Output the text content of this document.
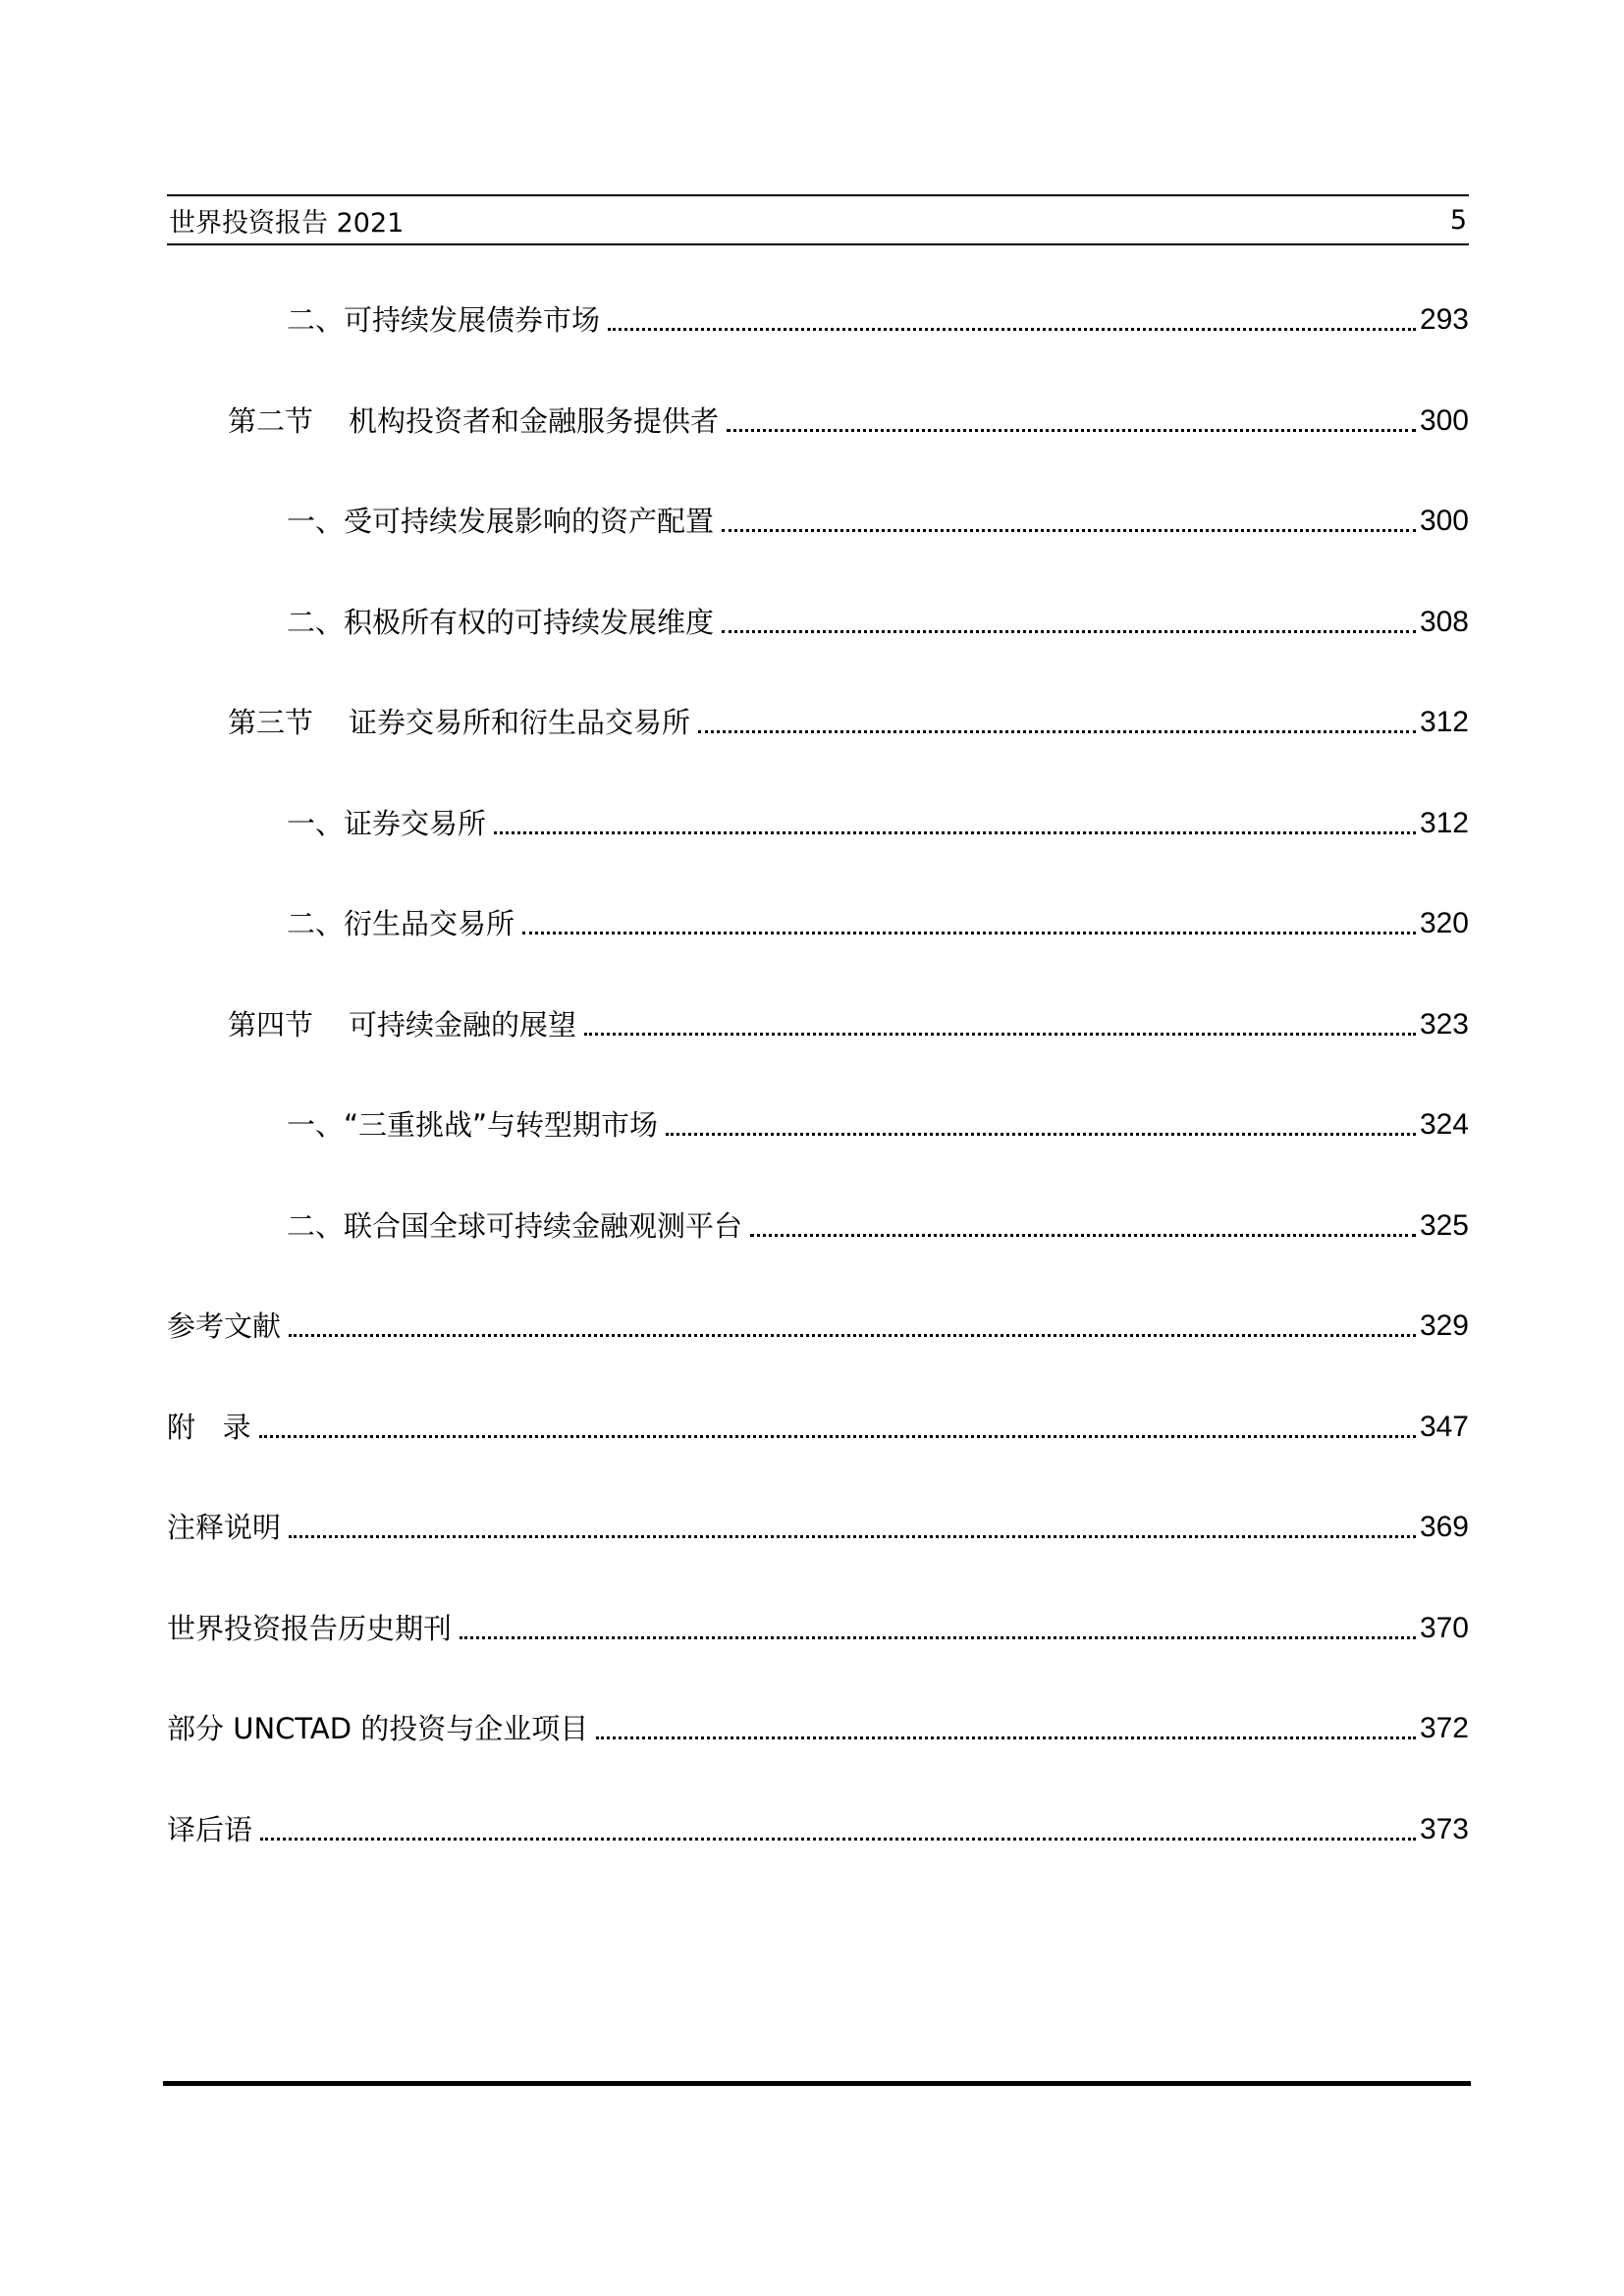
世界投资报告 2021	5
二、可持续发展债券市场	293
第二节 机构投资者和金融服务提供者	300
一、受可持续发展影响的资产配置	300
二、积极所有权的可持续发展维度	308
第三节 证券交易所和衍生品交易所	312
一、证券交易所	312
二、衍生品交易所	320
第四节 可持续金融的展望	323
一、“三重挑战”与转型期市场	324
二、联合国全球可持续金融观测平台	325
参考文献	329
附   录	347
注释说明	369
世界投资报告历史期刊	370
部分 UNCTAD 的投资与企业项目	372
译后语	373
